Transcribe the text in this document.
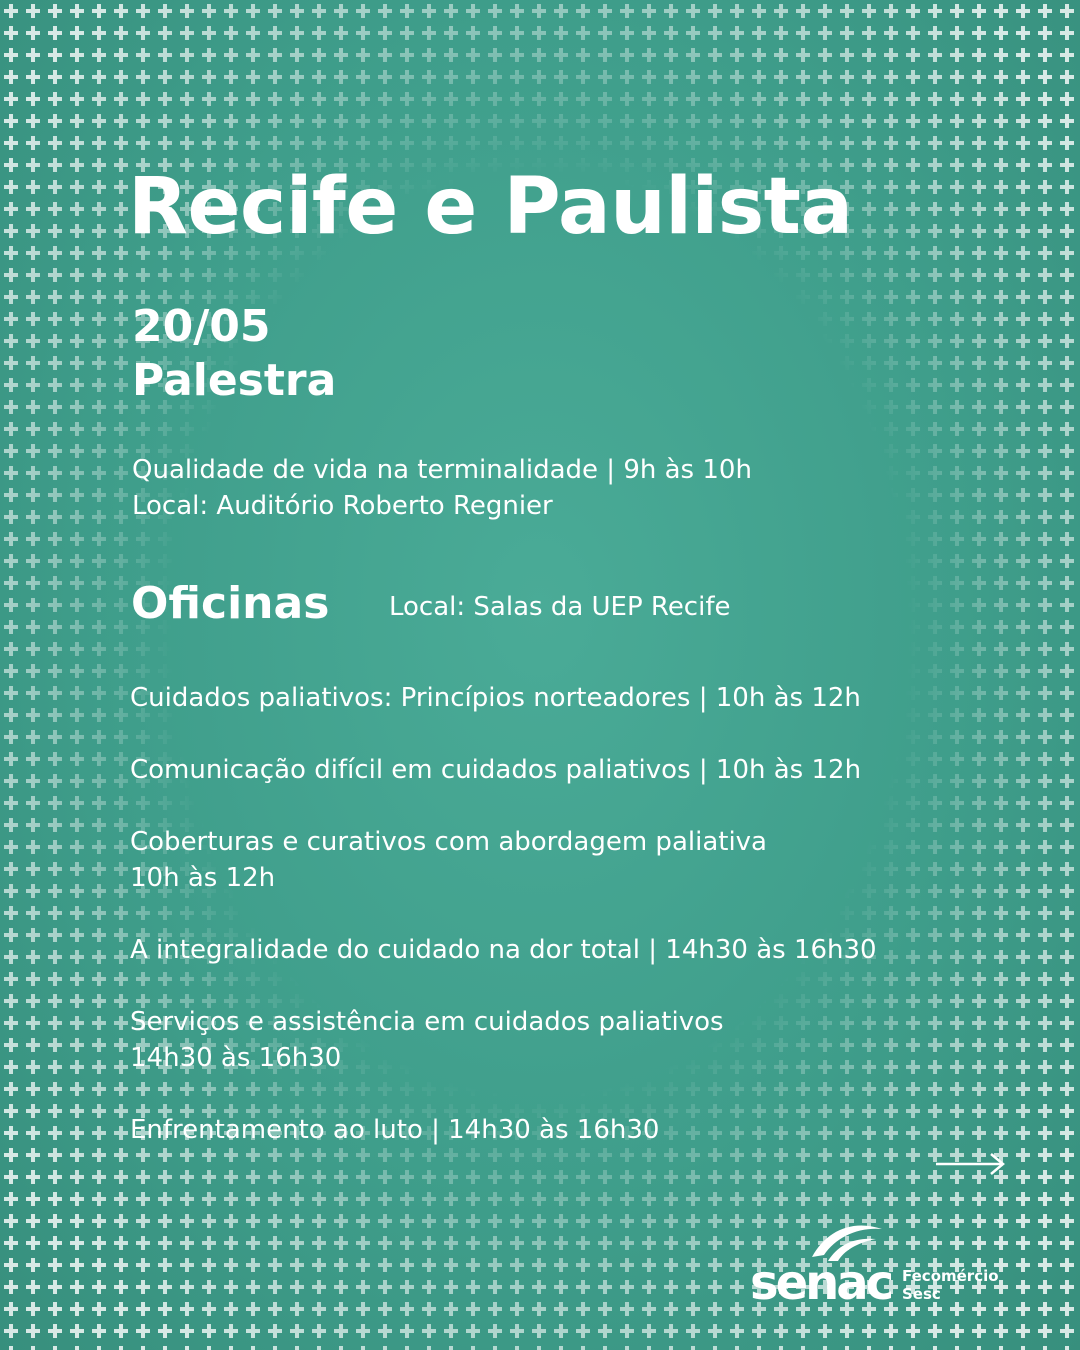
Recife e Paulista
20/05
Palestra
Qualidade de vida na terminalidade | 9h às 10h
Local: Auditório Roberto Regnier
Oficinas Local: Salas da UEP Recife
Cuidados paliativos: Princípios norteadores | 10h às 12h
Comunicação difícil em cuidados paliativos | 10h às 12h
Coberturas e curativos com abordagem paliativa
10h às 12h
A integralidade do cuidado na dor total | 14h30 às 16h30
Serviços e assistência em cuidados paliativos
14h30 às 16h30
Enfrentamento ao luto | 14h30 às 16h30
senac Fecomércio
Sesc
